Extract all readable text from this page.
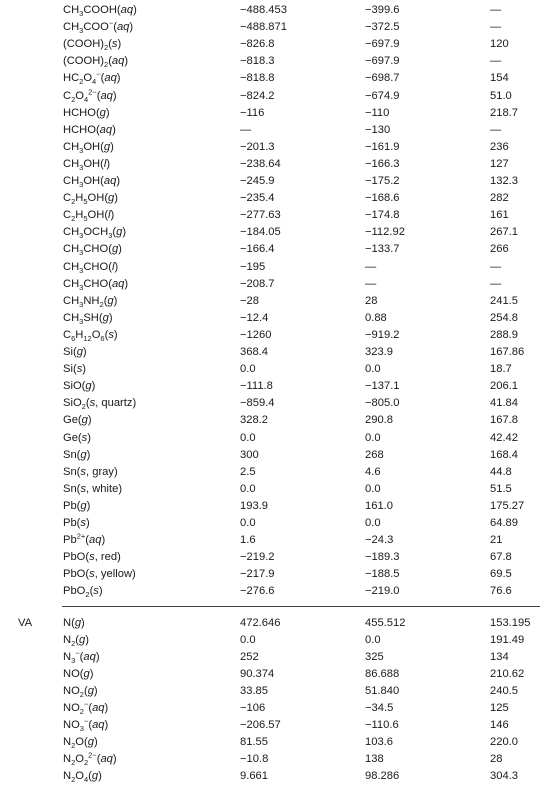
$CH_3COOH(aq)$	−488.453	−399.6	—
$CH_3COO^-(aq)$	−488.871	−372.5	—
$(COOH)_2(s)$	−826.8	−697.9	120
$(COOH)_2(aq)$	−818.3	−697.9	—
$HC_2O_4^-(aq)$	−818.8	−698.7	154
$C_2O_4^{2-}(aq)$	−824.2	−674.9	51.0
HCHO(g)	−116	−110	218.7
HCHO(aq)	—	−130	—
$CH_3OH(g)$	−201.3	−161.9	236
$CH_3OH(l)$	−238.64	−166.3	127
$CH_3OH(aq)$	−245.9	−175.2	132.3
$C_2H_5OH(g)$	−235.4	−168.6	282
$C_2H_5OH(l)$	−277.63	−174.8	161
$CH_3OCH_3(g)$	−184.05	−112.92	267.1
$CH_3CHO(g)$	−166.4	−133.7	266
$CH_3CHO(l)$	−195	—	—
$CH_3CHO(aq)$	−208.7	—	—
$CH_3NH_2(g)$	−28	28	241.5
$CH_3SH(g)$	−12.4	0.88	254.8
$C_6H_{12}O_6(s)$	−1260	−919.2	288.9
Si(g)	368.4	323.9	167.86
Si(s)	0.0	0.0	18.7
SiO(g)	−111.8	−137.1	206.1
SiO$_2$(s, quartz)	−859.4	−805.0	41.84
Ge(g)	328.2	290.8	167.8
Ge(s)	0.0	0.0	42.42
Sn(g)	300	268	168.4
Sn(s, gray)	2.5	4.6	44.8
Sn(s, white)	0.0	0.0	51.5
Pb(g)	193.9	161.0	175.27
Pb(s)	0.0	0.0	64.89
$Pb^{2+}(aq)$	1.6	−24.3	21
PbO(s, red)	−219.2	−189.3	67.8
PbO(s, yellow)	−217.9	−188.5	69.5
PbO$_2$(s)	−276.6	−219.0	76.6
VA	N(g)	472.646	455.512	153.195
$N_2(g)$	0.0	0.0	191.49
$N_3^-(aq)$	252	325	134
NO(g)	90.374	86.688	210.62
$NO_2(g)$	33.85	51.840	240.5
$NO_2^-(aq)$	−106	−34.5	125
$NO_3^-(aq)$	−206.57	−110.6	146
$N_2O(g)$	81.55	103.6	220.0
$N_2O_2^{2-}(aq)$	−10.8	138	28
$N_2O_4(g)$	9.661	98.286	304.3
